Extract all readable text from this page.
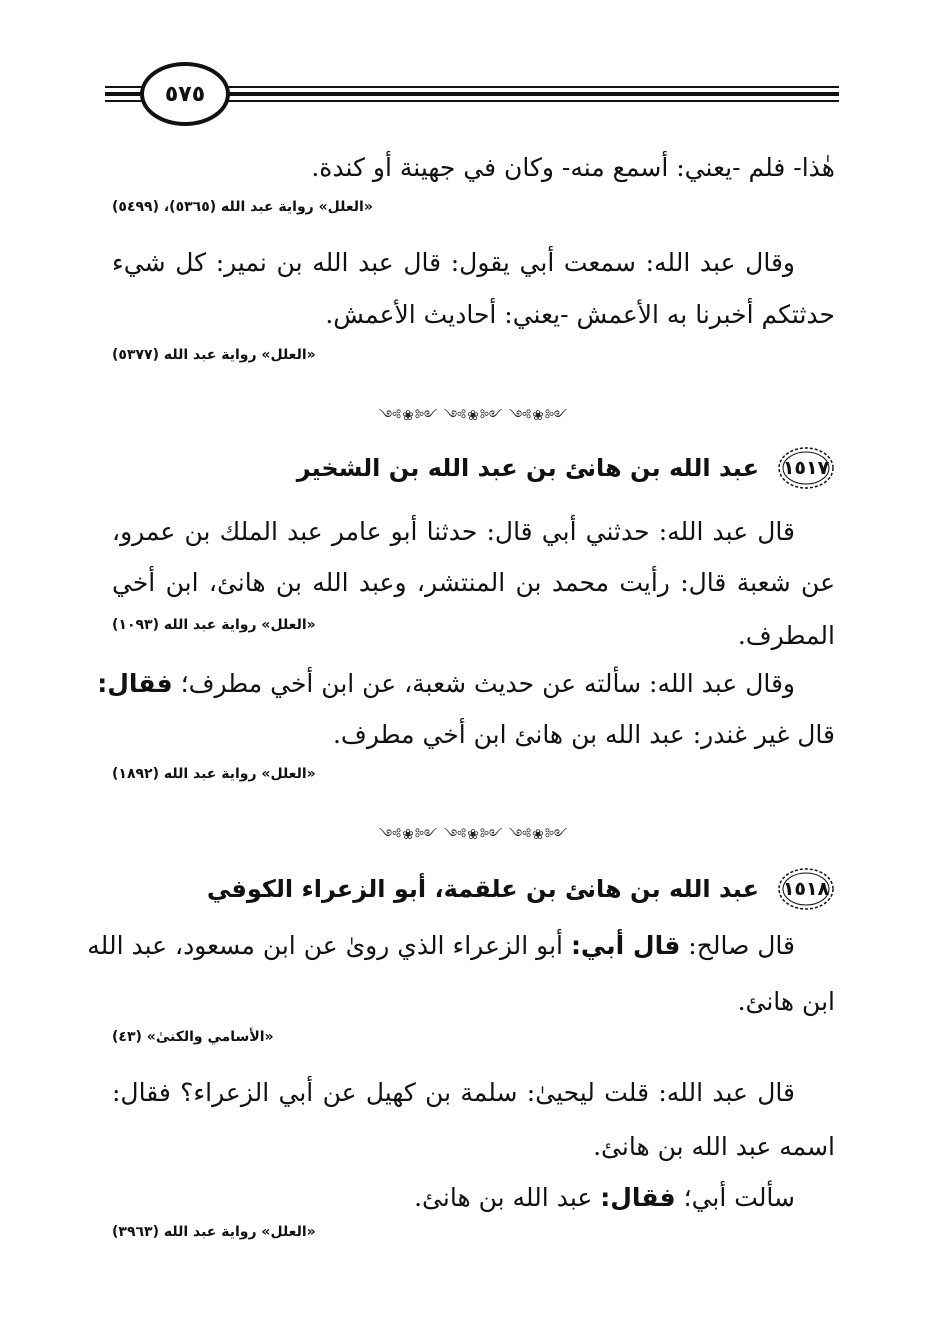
٥٧٥
هٰذا- فلم -يعني: أسمع منه- وكان في جهينة أو كندة.
«العلل» رواية عبد الله (٥٣٦٥)، (٥٤٩٩)
وقال عبد الله: سمعت أبي يقول: قال عبد الله بن نمير: كل شيء
حدثتكم أخبرنا به الأعمش -يعني: أحاديث الأعمش.
«العلل» رواية عبد الله (٥٣٧٧)
༺❀༻ ༺❀༻ ༺❀༻
١٥١٧
عبد الله بن هانئ بن عبد الله بن الشخير
قال عبد الله: حدثني أبي قال: حدثنا أبو عامر عبد الملك بن عمرو،
عن شعبة قال: رأيت محمد بن المنتشر، وعبد الله بن هانئ، ابن أخي
المطرف.
«العلل» رواية عبد الله (١٠٩٣)
وقال عبد الله: سألته عن حديث شعبة، عن ابن أخي مطرف؛ فقال:
قال غير غندر: عبد الله بن هانئ ابن أخي مطرف.
«العلل» رواية عبد الله (١٨٩٢)
༺❀༻ ༺❀༻ ༺❀༻
١٥١٨
عبد الله بن هانئ بن علقمة، أبو الزعراء الكوفي
قال صالح: قال أبي: أبو الزعراء الذي روىٰ عن ابن مسعود، عبد الله
ابن هانئ.
«الأسامي والكنىٰ» (٤٣)
قال عبد الله: قلت ليحيىٰ: سلمة بن كهيل عن أبي الزعراء؟ فقال:
اسمه عبد الله بن هانئ.
سألت أبي؛ فقال: عبد الله بن هانئ.
«العلل» رواية عبد الله (٣٩٦٣)
